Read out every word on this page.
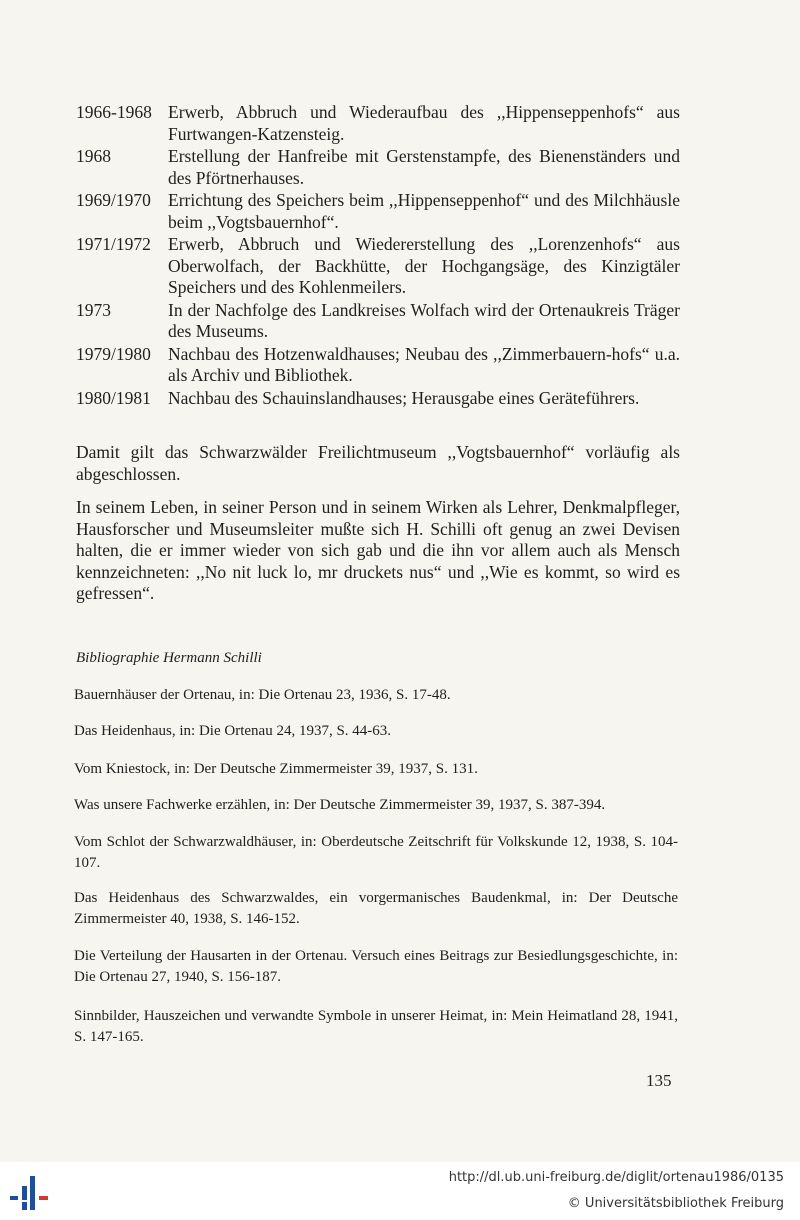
1966-1968 Erwerb, Abbruch und Wiederaufbau des ,,Hippenseppenhofs“ aus Furtwangen-Katzensteig.
1968	Erstellung der Hanfreibe mit Gerstenstampfe, des Bienenständers und des Pförtnerhauses.
1969/1970 Errichtung des Speichers beim ,,Hippenseppenhof“ und des Milchhäusle beim ,,Vogtsbauernhof“.
1971/1972 Erwerb, Abbruch und Wiedererstellung des ,,Lorenzenhofs“ aus Oberwolfach, der Backhütte, der Hochgangsäge, des Kinzigtäler Speichers und des Kohlenmeilers.
1973	In der Nachfolge des Landkreises Wolfach wird der Ortenaukreis Träger des Museums.
1979/1980 Nachbau des Hotzenwaldhauses; Neubau des ,,Zimmerbauern-hofs“ u.a. als Archiv und Bibliothek.
1980/1981 Nachbau des Schauinslandhauses; Herausgabe eines Geräteführers.

Damit gilt das Schwarzwälder Freilichtmuseum ,,Vogtsbauernhof“ vorläufig als abgeschlossen.

In seinem Leben, in seiner Person und in seinem Wirken als Lehrer, Denkmalpfleger, Hausforscher und Museumsleiter mußte sich H. Schilli oft genug an zwei Devisen halten, die er immer wieder von sich gab und die ihn vor allem auch als Mensch kennzeichneten: ,,No nit luck lo, mr druckets nus“ und ,,Wie es kommt, so wird es gefressen“.

Bibliographie Hermann Schilli
Bauernhäuser der Ortenau, in: Die Ortenau 23, 1936, S. 17-48.
Das Heidenhaus, in: Die Ortenau 24, 1937, S. 44-63.
Vom Kniestock, in: Der Deutsche Zimmermeister 39, 1937, S. 131.
Was unsere Fachwerke erzählen, in: Der Deutsche Zimmermeister 39, 1937, S. 387-394.
Vom Schlot der Schwarzwaldhäuser, in: Oberdeutsche Zeitschrift für Volkskunde 12, 1938, S. 104-107.
Das Heidenhaus des Schwarzwaldes, ein vorgermanisches Baudenkmal, in: Der Deutsche Zimmermeister 40, 1938, S. 146-152.
Die Verteilung der Hausarten in der Ortenau. Versuch eines Beitrags zur Besiedlungsgeschichte, in: Die Ortenau 27, 1940, S. 156-187.
Sinnbilder, Hauszeichen und verwandte Symbole in unserer Heimat, in: Mein Heimatland 28, 1941, S. 147-165.
135
http://dl.ub.uni-freiburg.de/diglit/ortenau1986/0135
© Universitätsbibliothek Freiburg
